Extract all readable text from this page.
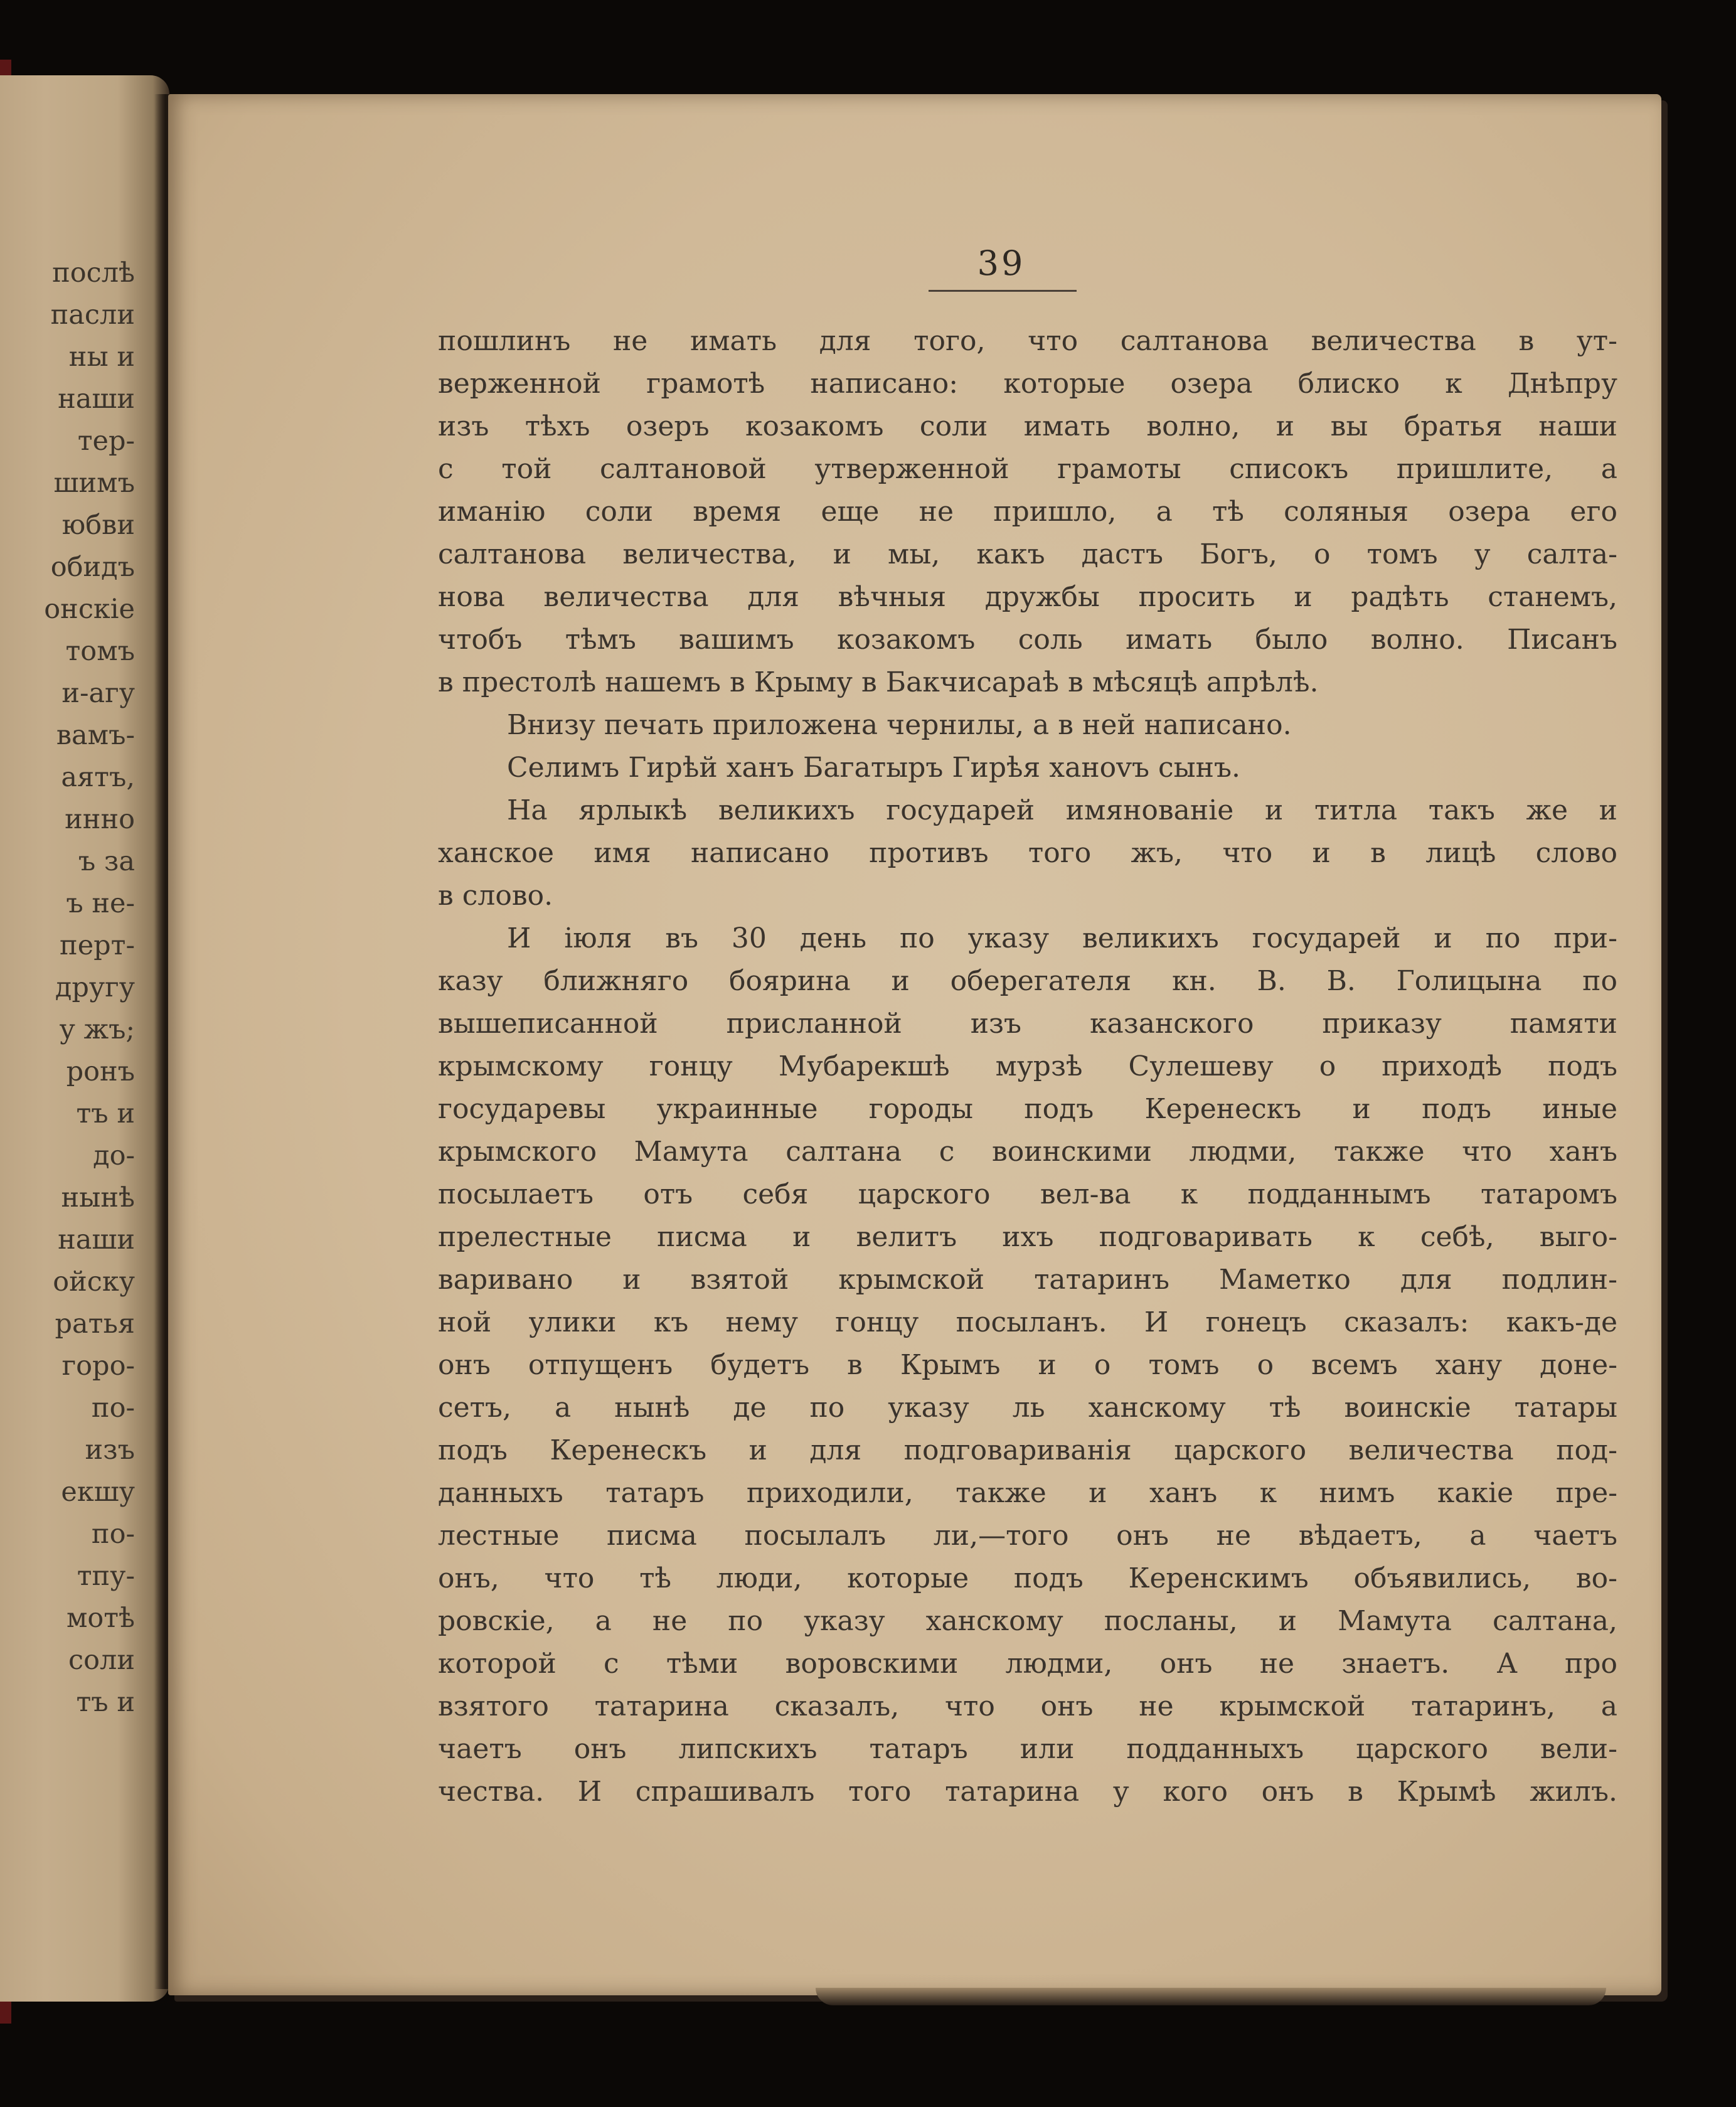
послѣ
пасли
ны и
наши
тер-
шимъ
юбви
обидъ
онскіе
томъ
и-агу
вамъ-
аятъ,
инно
ъ за
ъ не-
перт-
другу
у жъ;
ронъ
тъ и
до-
нынѣ
наши
ойску
ратья
горо-
по-
изъ
екшу
по-
тпу-
мотѣ
соли
тъ и
39
пошлинъ не имать для того, что салтанова величества в ут-
верженной грамотѣ написано: которые озера блиско к Днѣпру
изъ тѣхъ озеръ козакомъ соли имать волно, и вы братья наши
с той салтановой утверженной грамоты списокъ пришлите, а
иманію соли время еще не пришло, а тѣ соляныя озера его
салтанова величества, и мы, какъ дастъ Богъ, о томъ у салта-
нова величества для вѣчныя дружбы просить и радѣть станемъ,
чтобъ тѣмъ вашимъ козакомъ соль имать было волно. Писанъ
в престолѣ нашемъ в Крыму в Бакчисараѣ в мѣсяцѣ апрѣлѣ.
Внизу печать приложена чернилы, а в ней написано.
Селимъ Гирѣй ханъ Багатыръ Гирѣя ханоvъ сынъ.
На ярлыкѣ великихъ государей имянованіе и титла такъ же и
ханское имя написано противъ того жъ, что и в лицѣ слово
в слово.
И іюля въ 30 день по указу великихъ государей и по при-
казу ближняго боярина и оберегателя кн. В. В. Голицына по
вышеписанной присланной изъ казанского приказу памяти
крымскому гонцу Мубарекшѣ мурзѣ Сулешеву о приходѣ подъ
государевы украинные городы подъ Керенескъ и подъ иные
крымского Мамута салтана с воинскими людми, также что ханъ
посылаетъ отъ себя царского вел-ва к подданнымъ татаромъ
прелестные писма и велитъ ихъ подговаривать к себѣ, выго-
варивано и взятой крымской татаринъ Маметко для подлин-
ной улики къ нему гонцу посыланъ. И гонецъ сказалъ: какъ-де
онъ отпущенъ будетъ в Крымъ и о томъ о всемъ хану донe-
сетъ, а нынѣ де по указу ль ханскому тѣ воинскіе татары
подъ Керенескъ и для подговариванія царского величества под-
данныхъ татаръ приходили, также и ханъ к нимъ какіе пре-
лестные писма посылалъ ли,—того онъ не вѣдаетъ, а чаетъ
онъ, что тѣ люди, которые подъ Керенскимъ объявились, во-
ровскіе, а не по указу ханскому посланы, и Мамута салтана,
которой с тѣми воровскими людми, онъ не знаетъ. А про
взятого татарина сказалъ, что онъ не крымской татаринъ, а
чаетъ онъ липскихъ татаръ или подданныхъ царского вели-
чества. И спрашивалъ того татарина у кого онъ в Крымѣ жилъ.
